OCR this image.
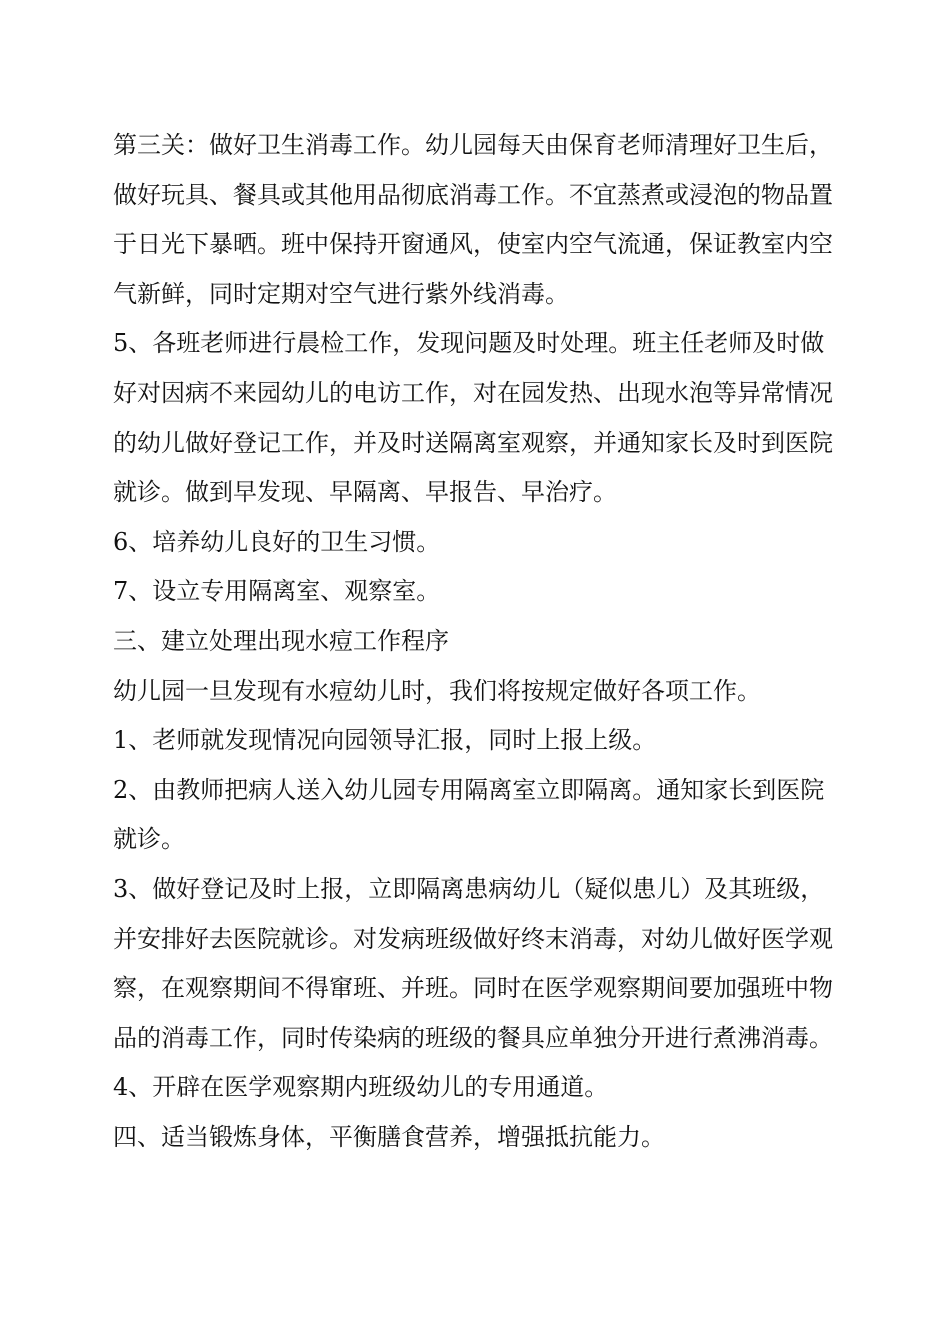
第三关：做好卫生消毒工作。幼儿园每天由保育老师清理好卫生后，做好玩具、餐具或其他用品彻底消毒工作。不宜蒸煮或浸泡的物品置于日光下暴晒。班中保持开窗通风，使室内空气流通，保证教室内空气新鲜，同时定期对空气进行紫外线消毒。

5、各班老师进行晨检工作，发现问题及时处理。班主任老师及时做好对因病不来园幼儿的电访工作，对在园发热、出现水泡等异常情况的幼儿做好登记工作，并及时送隔离室观察，并通知家长及时到医院就诊。做到早发现、早隔离、早报告、早治疗。

6、培养幼儿良好的卫生习惯。

7、设立专用隔离室、观察室。

三、建立处理出现水痘工作程序

幼儿园一旦发现有水痘幼儿时，我们将按规定做好各项工作。

1、老师就发现情况向园领导汇报，同时上报上级。

2、由教师把病人送入幼儿园专用隔离室立即隔离。通知家长到医院就诊。

3、做好登记及时上报，立即隔离患病幼儿（疑似患儿）及其班级，并安排好去医院就诊。对发病班级做好终末消毒，对幼儿做好医学观察，在观察期间不得窜班、并班。同时在医学观察期间要加强班中物品的消毒工作，同时传染病的班级的餐具应单独分开进行煮沸消毒。

4、开辟在医学观察期内班级幼儿的专用通道。

四、适当锻炼身体，平衡膳食营养，增强抵抗能力。
